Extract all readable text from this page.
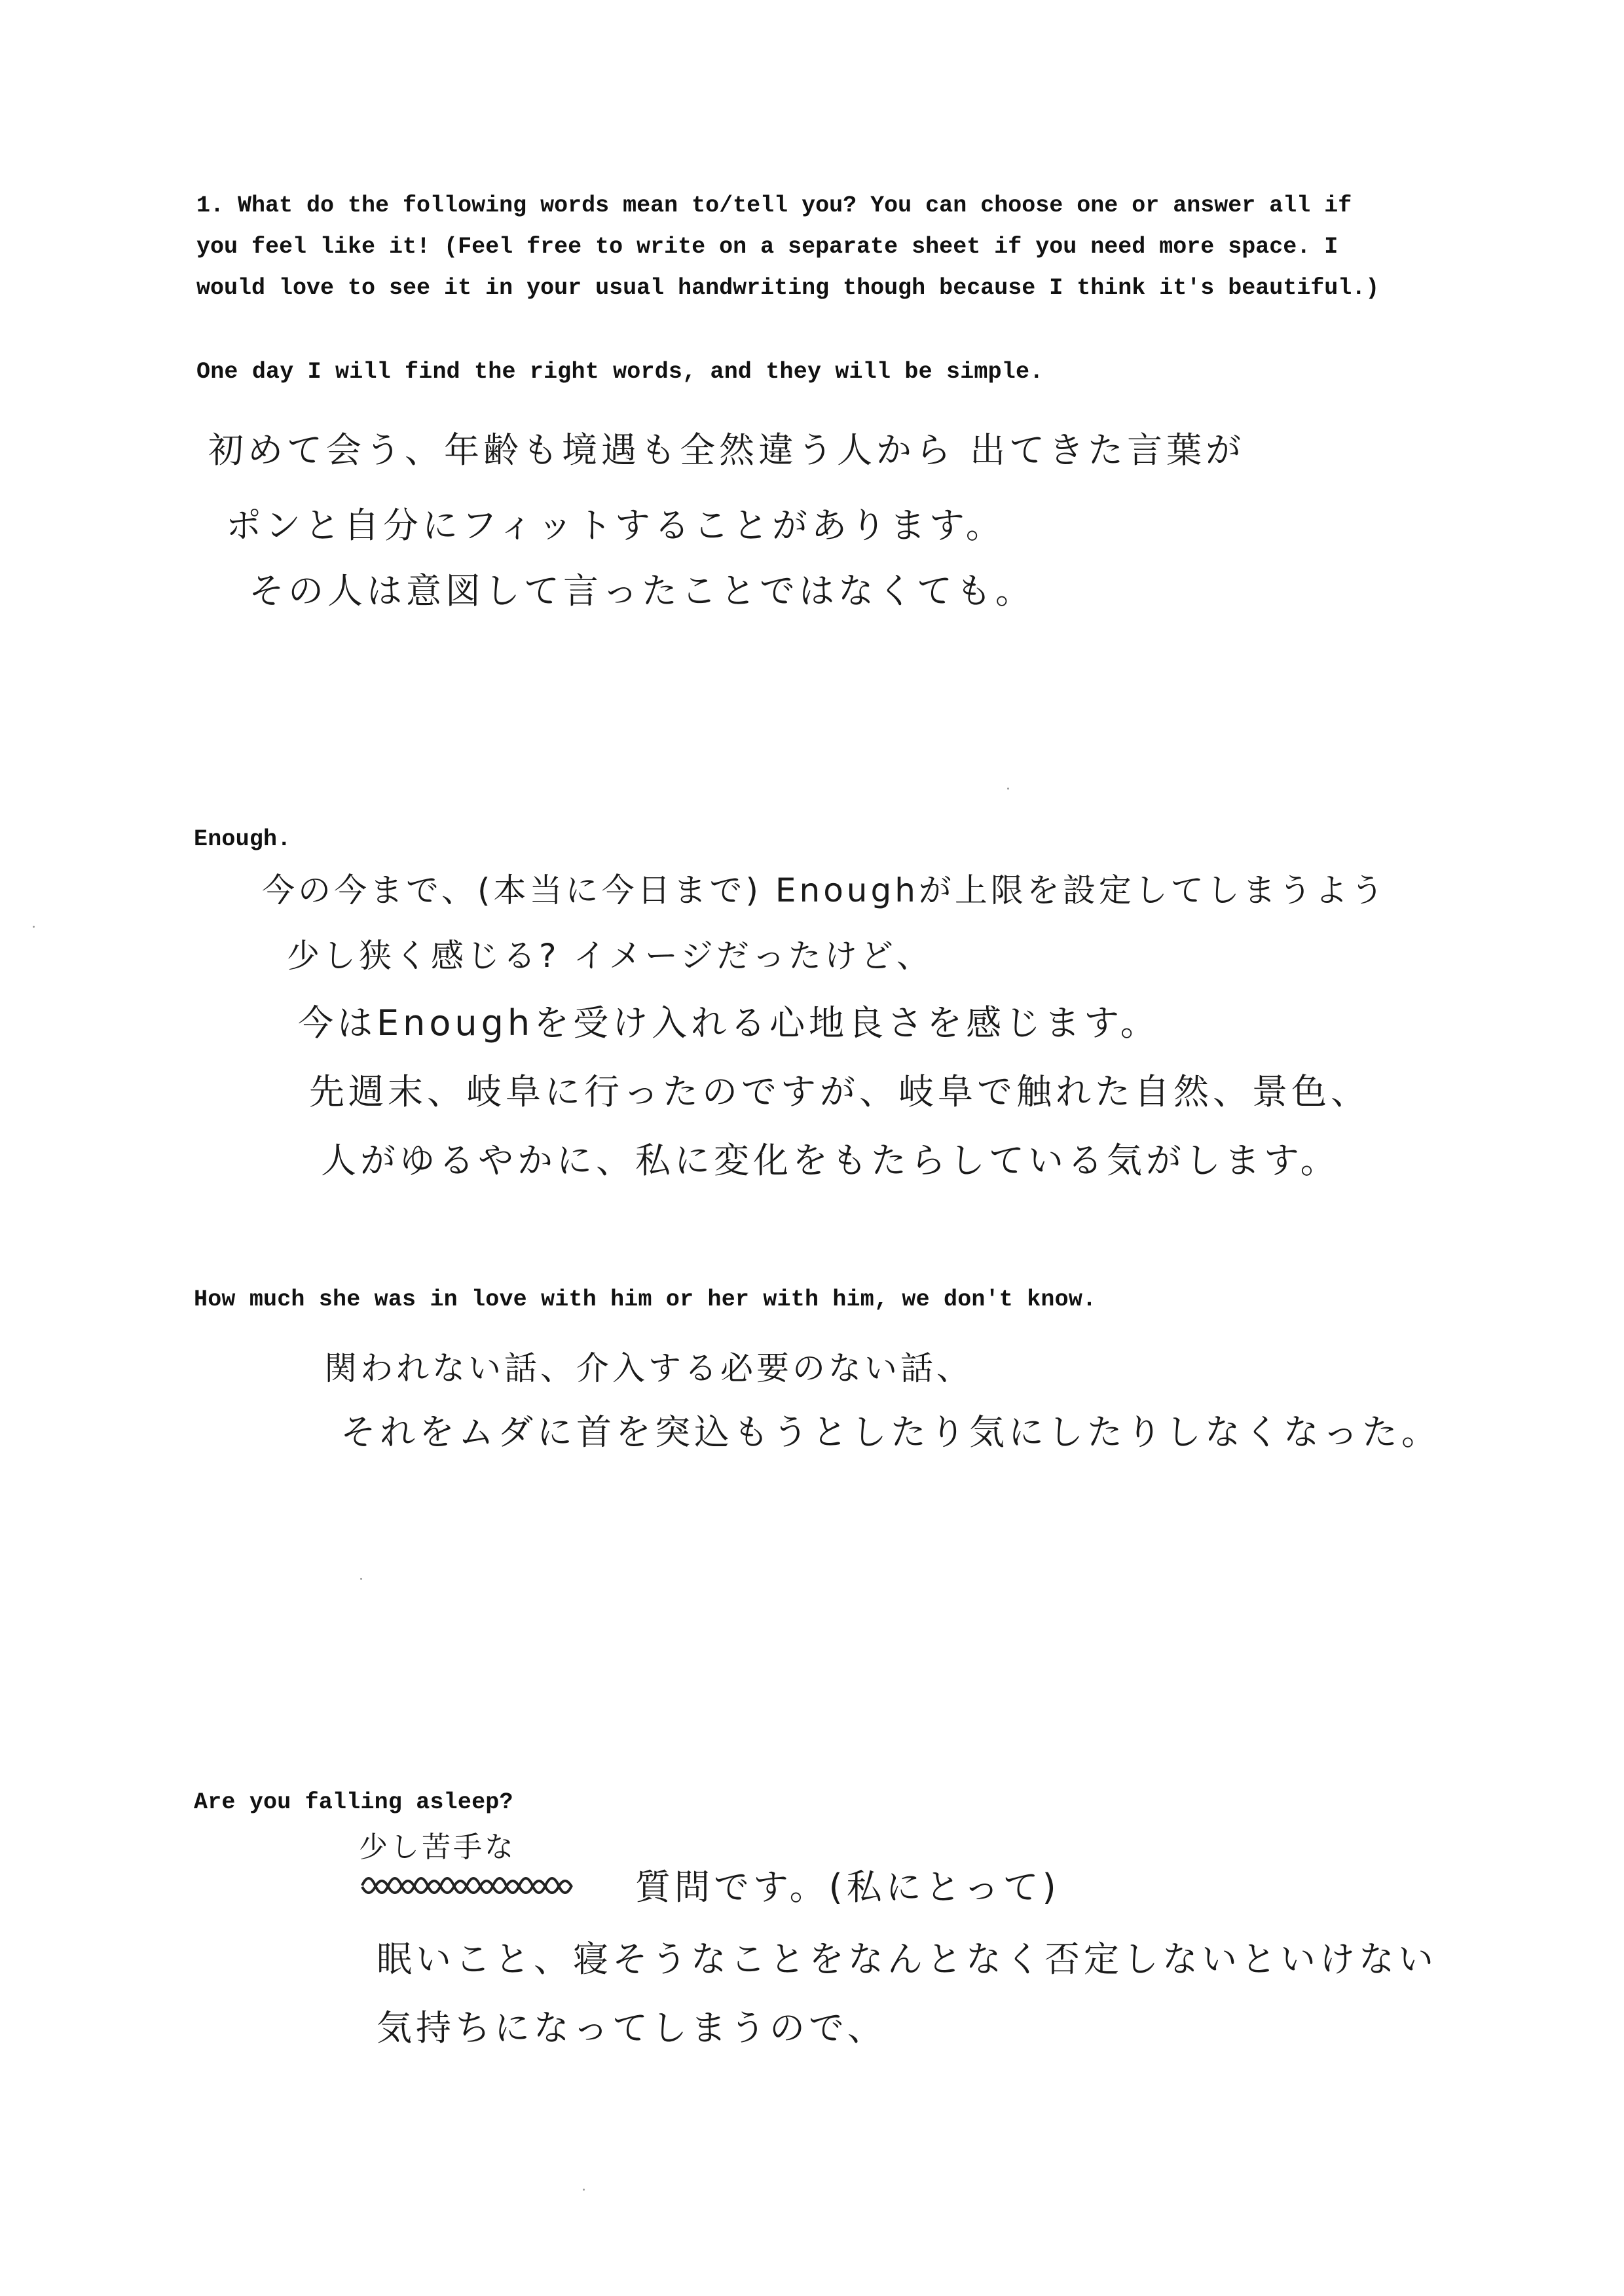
1. What do the following words mean to/tell you? You can choose one or answer all if
you feel like it! (Feel free to write on a separate sheet if you need more space. I
would love to see it in your usual handwriting though because I think it's beautiful.)
One day I will find the right words, and they will be simple.
初めて会う、年齢も境遇も全然違う人から 出てきた言葉が
ポンと自分にフィットすることがあります。
その人は意図して言ったことではなくても。
Enough.
今の今まで、(本当に今日まで) Enoughが上限を設定してしまうよう
少し狭く感じる? イメージだったけど、
今はEnoughを受け入れる心地良さを感じます。
先週末、岐阜に行ったのですが、岐阜で触れた自然、景色、
人がゆるやかに、私に変化をもたらしている気がします。
How much she was in love with him or her with him, we don't know.
関われない話、介入する必要のない話、
それをムダに首を突込もうとしたり気にしたりしなくなった。
Are you falling asleep?
少し苦手な
質問です。(私にとって)
眠いこと、寝そうなことをなんとなく否定しないといけない
気持ちになってしまうので、
